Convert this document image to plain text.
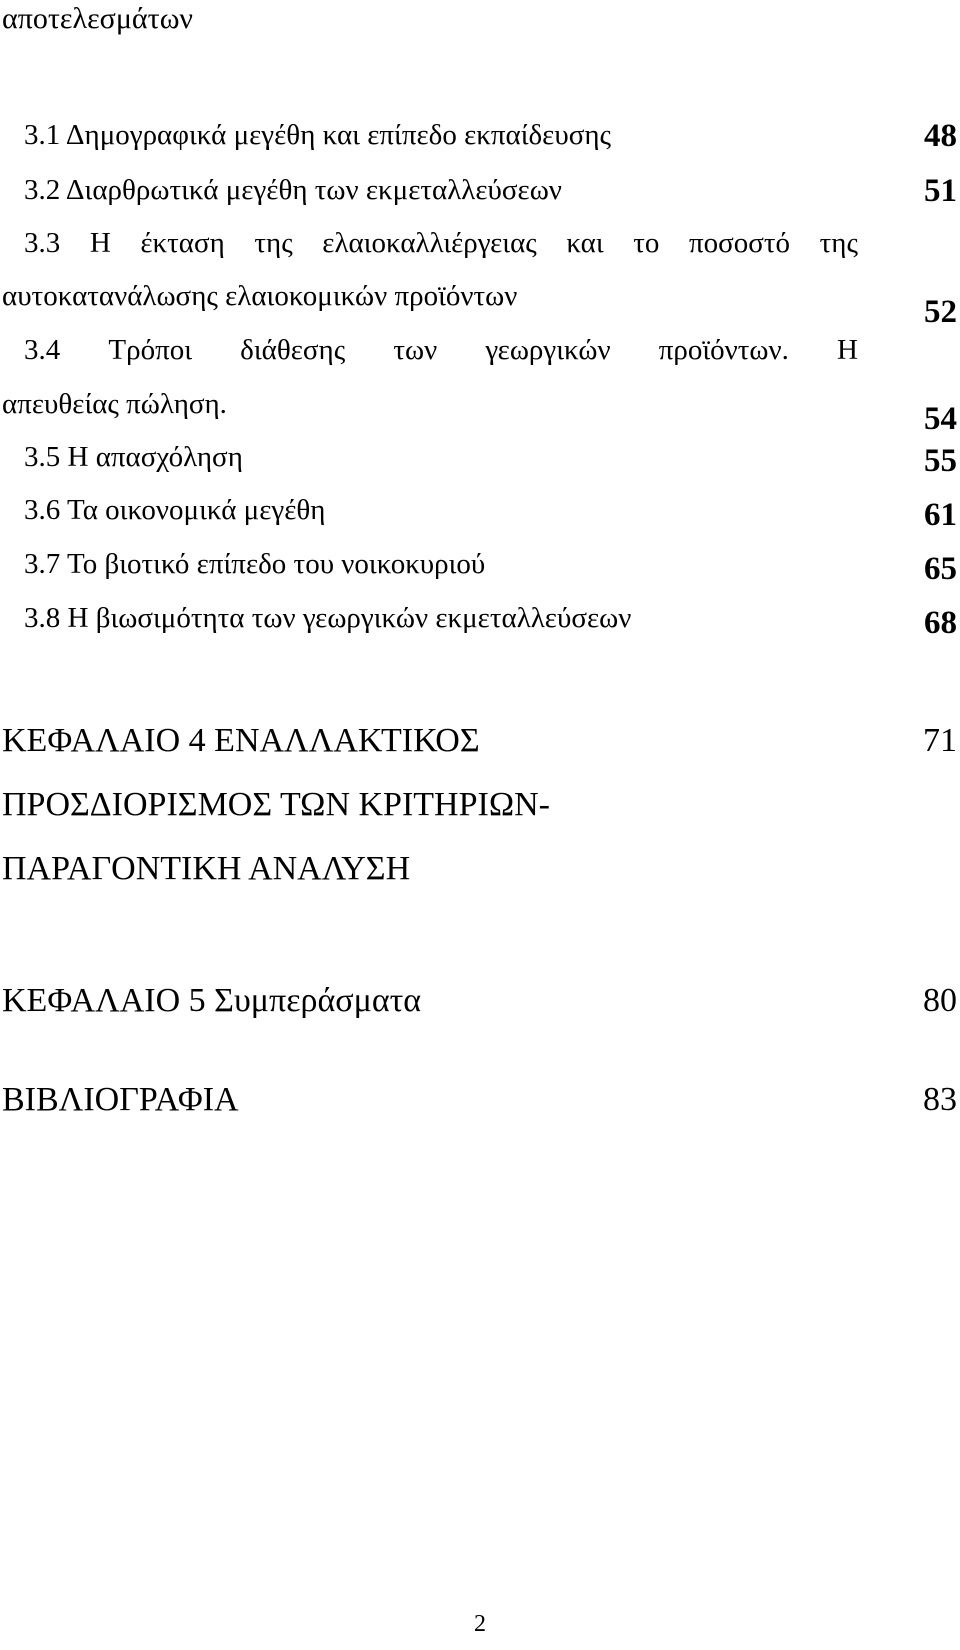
αποτελεσμάτων
3.1 Δημογραφικά μεγέθη και επίπεδο εκπαίδευσης	48
3.2 Διαρθρωτικά μεγέθη των εκμεταλλεύσεων	51
3.3 Η έκταση της ελαιοκαλλιέργειας και το ποσοστό της
αυτοκατανάλωσης ελαιοκομικών προϊόντων	52
3.4 Τρόποι διάθεσης των γεωργικών προϊόντων. Η
απευθείας πώληση.	54
3.5 Η απασχόληση	55
3.6 Τα οικονομικά μεγέθη	61
3.7 Το βιοτικό επίπεδο του νοικοκυριού	65
3.8 Η βιωσιμότητα των γεωργικών εκμεταλλεύσεων	68
ΚΕΦΑΛΑΙΟ 4 ΕΝΑΛΛΑΚΤΙΚΟΣ	71
ΠΡΟΣΔΙΟΡΙΣΜΟΣ ΤΩΝ ΚΡΙΤΗΡΙΩΝ-
ΠΑΡΑΓΟΝΤΙΚΗ ΑΝΑΛΥΣΗ
ΚΕΦΑΛΑΙΟ 5 Συμπεράσματα	80
ΒΙΒΛΙΟΓΡΑΦΙΑ	83
2
